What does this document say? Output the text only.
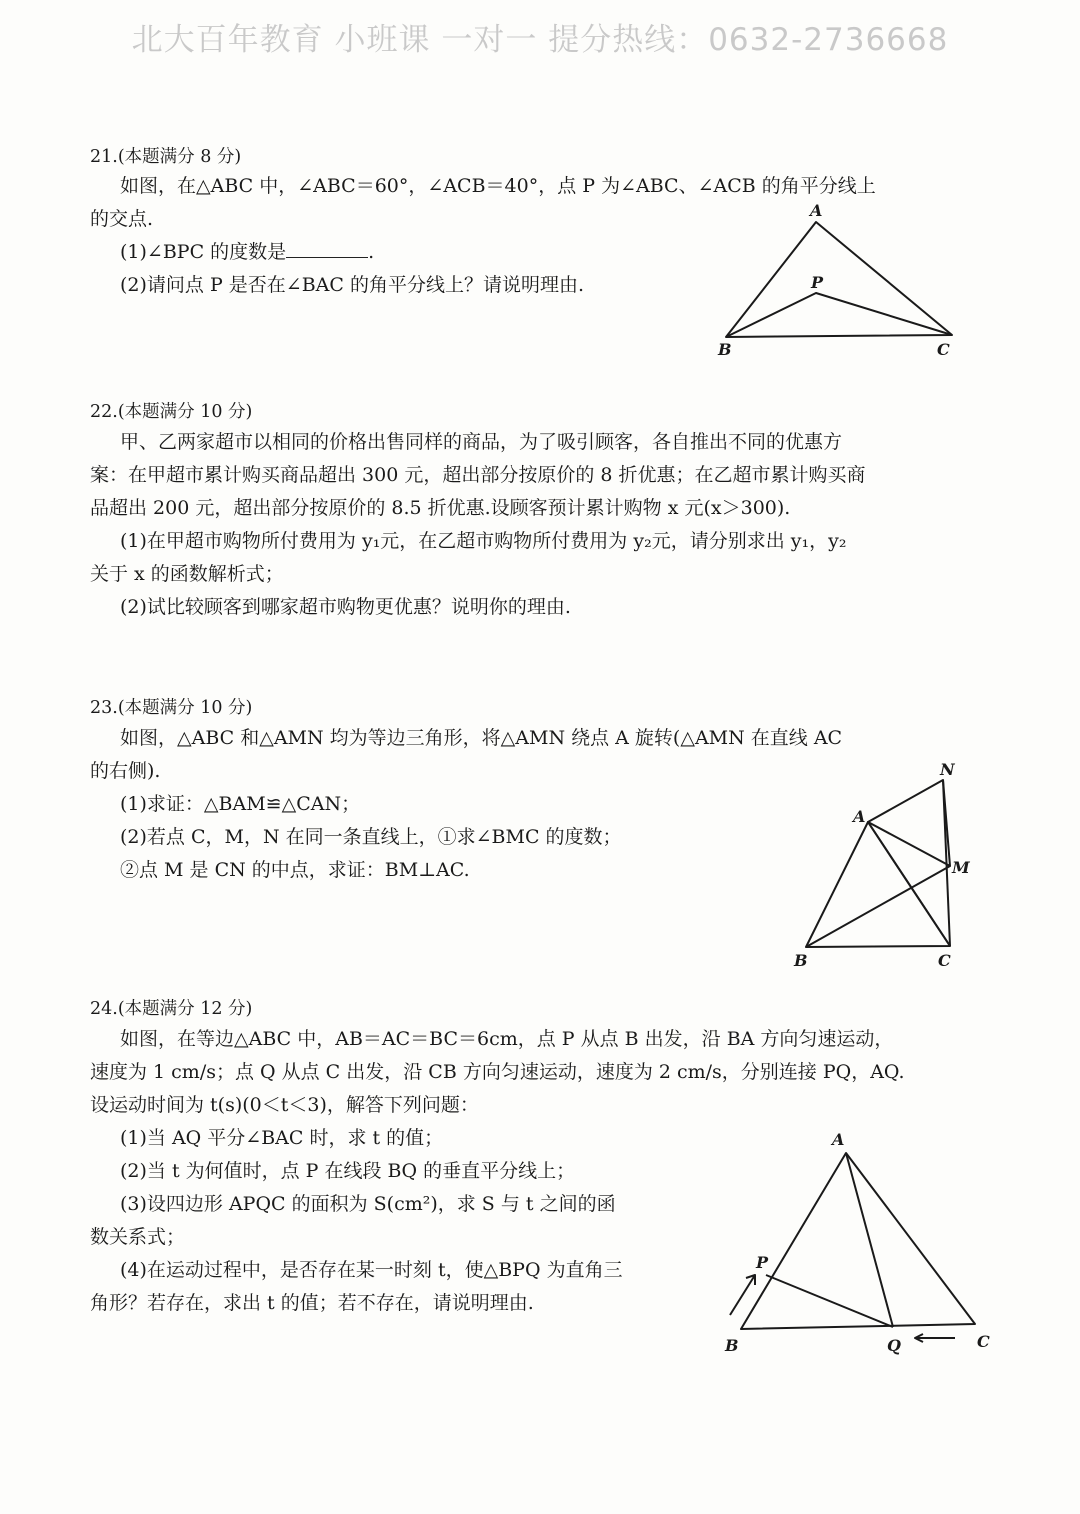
北大百年教育 小班课 一对一 提分热线：0632-2736668

21.(本题满分 8 分)

如图，在△ABC 中，∠ABC＝60°，∠ACB＝40°，点 P 为∠ABC、∠ACB 的角平分线上

的交点.

(1)∠BPC 的度数是	.

(2)请问点 P 是否在∠BAC 的角平分线上？请说明理由.

A
B	C
P

22.(本题满分 10 分)

甲、乙两家超市以相同的价格出售同样的商品，为了吸引顾客，各自推出不同的优惠方

案：在甲超市累计购买商品超出 300 元，超出部分按原价的 8 折优惠；在乙超市累计购买商

品超出 200 元，超出部分按原价的 8.5 折优惠.设顾客预计累计购物 x 元(x＞300).

(1)在甲超市购物所付费用为 y₁元，在乙超市购物所付费用为 y₂元，请分别求出 y₁，y₂

关于 x 的函数解析式；

(2)试比较顾客到哪家超市购物更优惠？说明你的理由.

23.(本题满分 10 分)

如图，△ABC 和△AMN 均为等边三角形，将△AMN 绕点 A 旋转(△AMN 在直线 AC

的右侧).

(1)求证：△BAM≌△CAN；

(2)若点 C，M，N 在同一条直线上，①求∠BMC 的度数；

②点 M 是 CN 的中点，求证：BM⊥AC.

A
B	C
M
N

24.(本题满分 12 分)

如图，在等边△ABC 中，AB＝AC＝BC＝6cm，点 P 从点 B 出发，沿 BA 方向匀速运动，

速度为 1 cm/s；点 Q 从点 C 出发，沿 CB 方向匀速运动，速度为 2 cm/s，分别连接 PQ，AQ.

设运动时间为 t(s)(0＜t＜3)，解答下列问题：

(1)当 AQ 平分∠BAC 时，求 t 的值；

(2)当 t 为何值时，点 P 在线段 BQ 的垂直平分线上；

(3)设四边形 APQC 的面积为 S(cm²)，求 S 与 t 之间的函

数关系式；

(4)在运动过程中，是否存在某一时刻 t，使△BPQ 为直角三

角形？若存在，求出 t 的值；若不存在，请说明理由.

A
B	C
P
Q
